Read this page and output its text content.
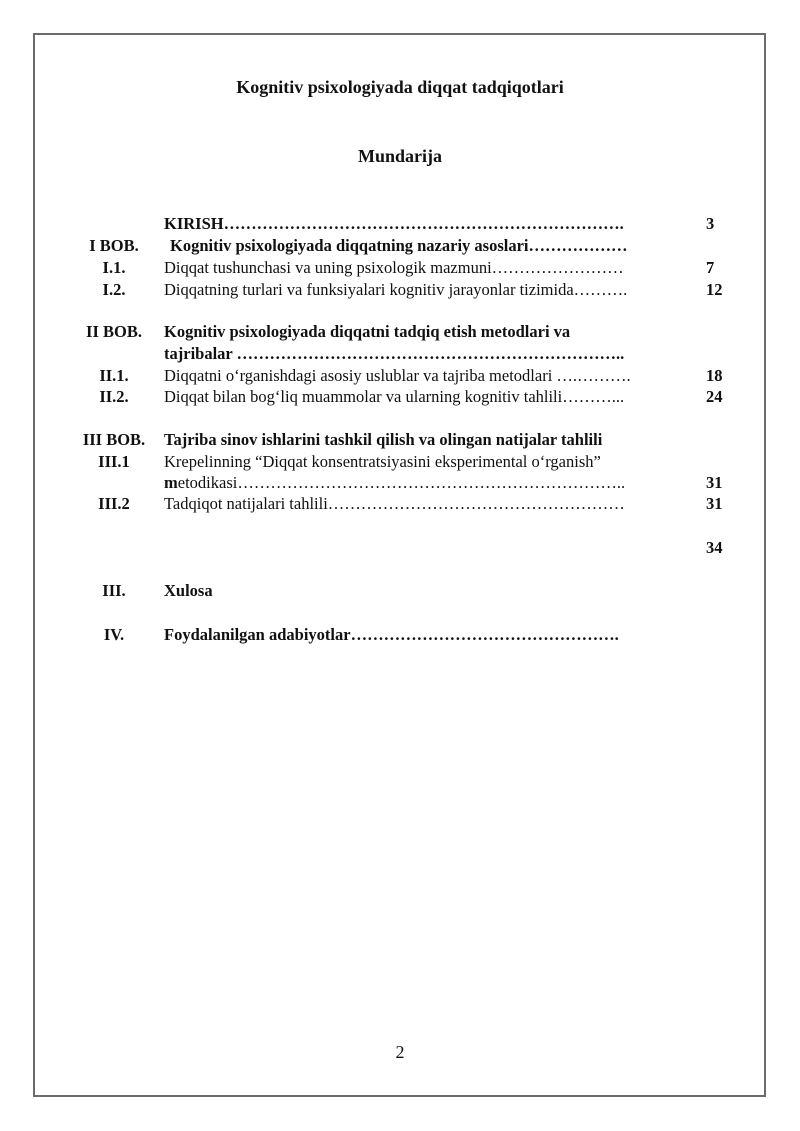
Kognitiv psixologiyada diqqat tadqiqotlari
Mundarija
KIRISH……………………………………………………………….	3
I BOB.	Kognitiv psixologiyada diqqatning nazariy asoslari………………
I.1.	Diqqat tushunchasi va uning psixologik mazmuni……………………	7
I.2.	Diqqatning turlari va funksiyalari kognitiv jarayonlar tizimida……….	12
II BOB.	Kognitiv psixologiyada diqqatni tadqiq etish metodlari va
tajribalar ……………………………………………………………..
II.1.	Diqqatni o‘rganishdagi asosiy uslublar va tajriba metodlari ….……….	18
II.2.	Diqqat bilan bog‘liq muammolar va ularning kognitiv tahlili………...	24
III BOB.	Tajriba sinov ishlarini tashkil qilish va olingan natijalar tahlili
III.1	Krepelinning “Diqqat konsentratsiyasini eksperimental o‘rganish”
metodikasi……………………………………………………………..	31
III.2	Tadqiqot natijalari tahlili………………………………………………	31
34
III.	Xulosa
IV.	Foydalanilgan adabiyotlar………………………………………….
2
